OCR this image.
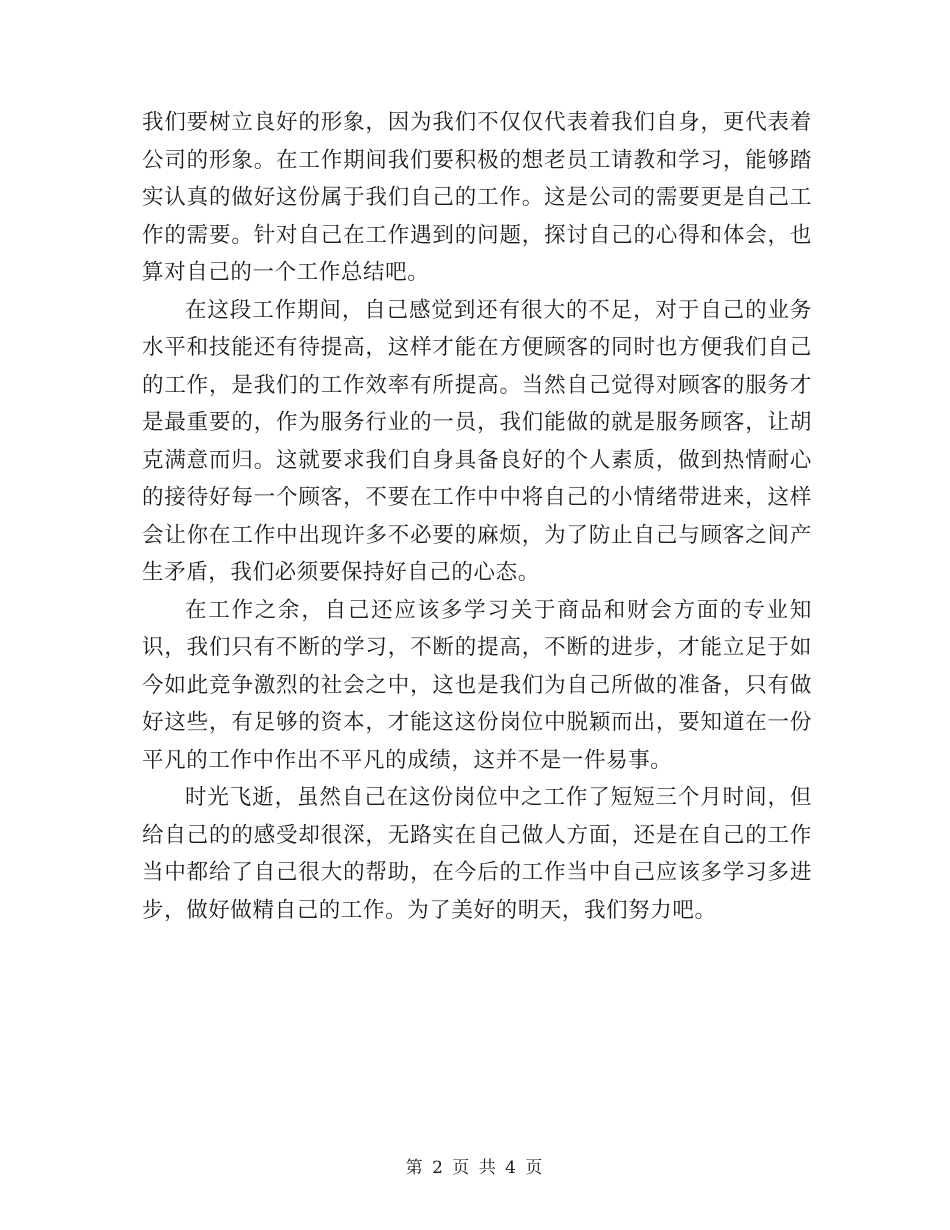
我们要树立良好的形象，因为我们不仅仅代表着我们自身，更代表着公司的形象。在工作期间我们要积极的想老员工请教和学习，能够踏实认真的做好这份属于我们自己的工作。这是公司的需要更是自己工作的需要。针对自己在工作遇到的问题，探讨自己的心得和体会，也算对自己的一个工作总结吧。

在这段工作期间，自己感觉到还有很大的不足，对于自己的业务水平和技能还有待提高，这样才能在方便顾客的同时也方便我们自己的工作，是我们的工作效率有所提高。当然自己觉得对顾客的服务才是最重要的，作为服务行业的一员，我们能做的就是服务顾客，让胡克满意而归。这就要求我们自身具备良好的个人素质，做到热情耐心的接待好每一个顾客，不要在工作中中将自己的小情绪带进来，这样会让你在工作中出现许多不必要的麻烦，为了防止自己与顾客之间产生矛盾，我们必须要保持好自己的心态。

在工作之余，自己还应该多学习关于商品和财会方面的专业知识，我们只有不断的学习，不断的提高，不断的进步，才能立足于如今如此竞争激烈的社会之中，这也是我们为自己所做的准备，只有做好这些，有足够的资本，才能这这份岗位中脱颖而出，要知道在一份平凡的工作中作出不平凡的成绩，这并不是一件易事。

时光飞逝，虽然自己在这份岗位中之工作了短短三个月时间，但给自己的的感受却很深，无路实在自己做人方面，还是在自己的工作当中都给了自己很大的帮助，在今后的工作当中自己应该多学习多进步，做好做精自己的工作。为了美好的明天，我们努力吧。

第 2 页 共 4 页
